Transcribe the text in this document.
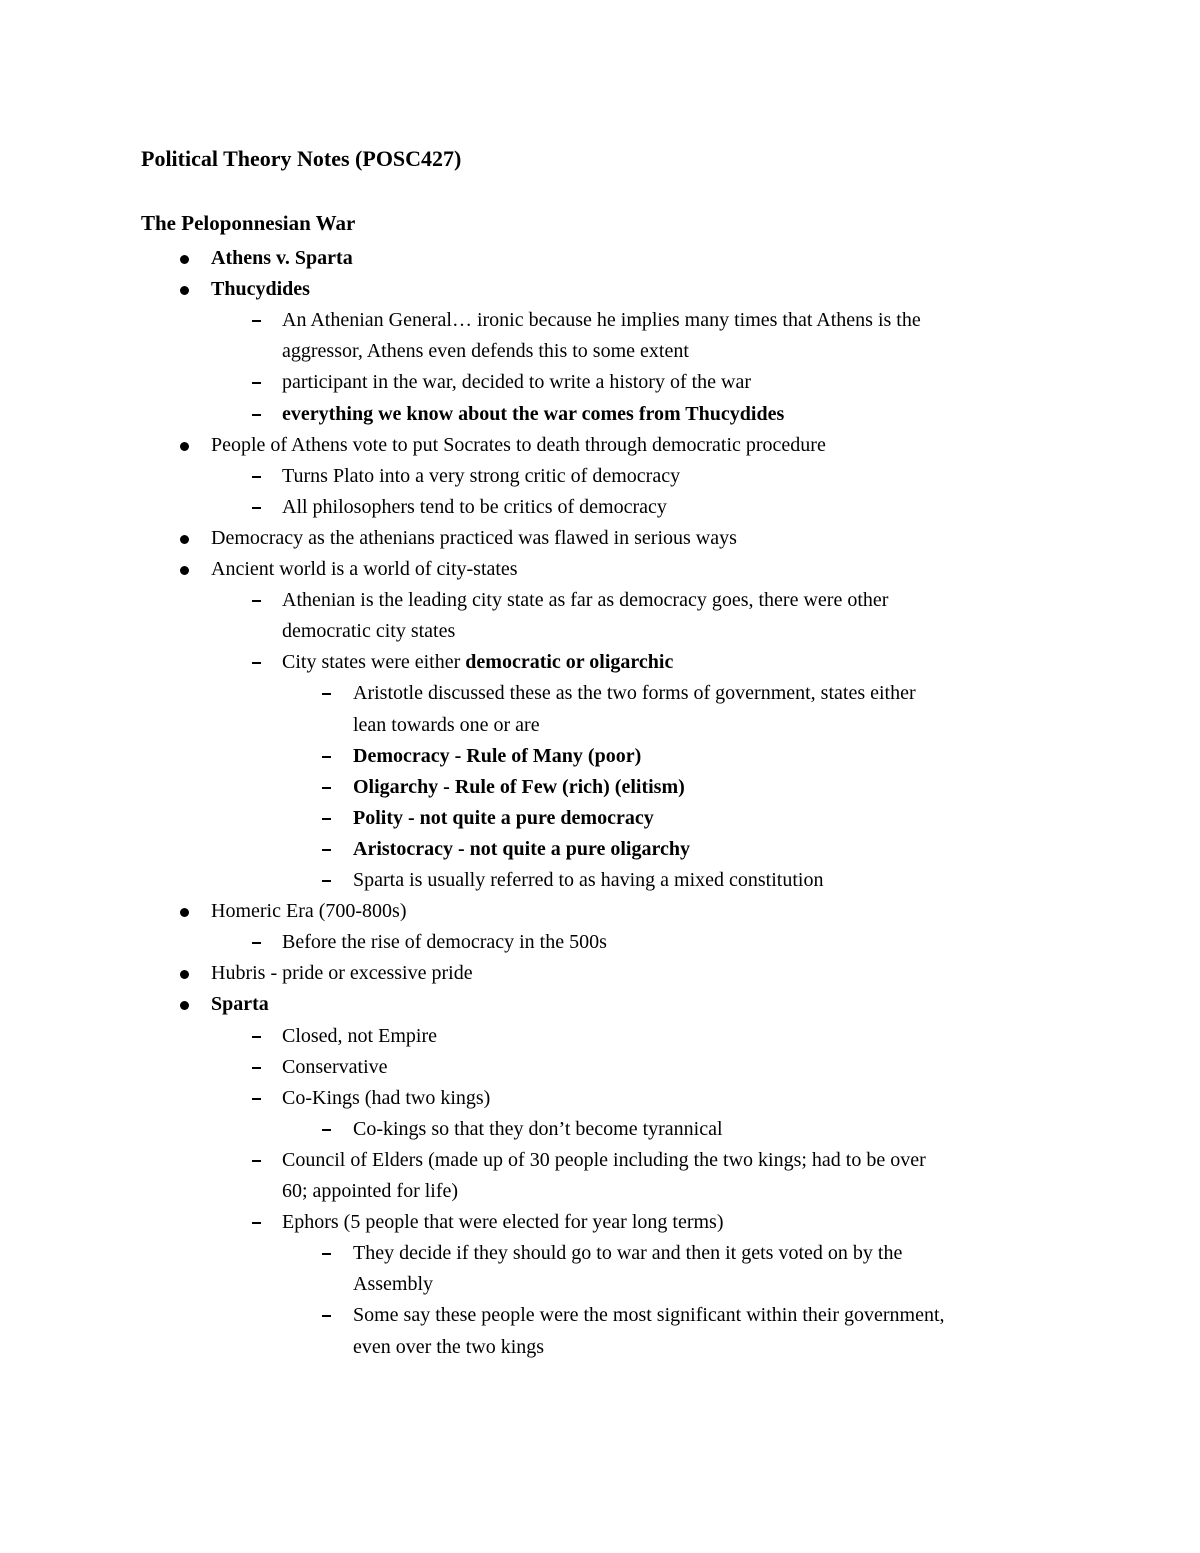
Political Theory Notes (POSC427)
The Peloponnesian War
Athens v. Sparta
Thucydides
An Athenian General… ironic because he implies many times that Athens is the
aggressor, Athens even defends this to some extent
participant in the war, decided to write a history of the war
everything we know about the war comes from Thucydides
People of Athens vote to put Socrates to death through democratic procedure
Turns Plato into a very strong critic of democracy
All philosophers tend to be critics of democracy
Democracy as the athenians practiced was flawed in serious ways
Ancient world is a world of city-states
Athenian is the leading city state as far as democracy goes, there were other
democratic city states
City states were either democratic or oligarchic
Aristotle discussed these as the two forms of government, states either
lean towards one or are
Democracy - Rule of Many (poor)
Oligarchy - Rule of Few (rich) (elitism)
Polity - not quite a pure democracy
Aristocracy - not quite a pure oligarchy
Sparta is usually referred to as having a mixed constitution
Homeric Era (700-800s)
Before the rise of democracy in the 500s
Hubris - pride or excessive pride
Sparta
Closed, not Empire
Conservative
Co-Kings (had two kings)
Co-kings so that they don’t become tyrannical
Council of Elders (made up of 30 people including the two kings; had to be over
60; appointed for life)
Ephors (5 people that were elected for year long terms)
They decide if they should go to war and then it gets voted on by the
Assembly
Some say these people were the most significant within their government,
even over the two kings
